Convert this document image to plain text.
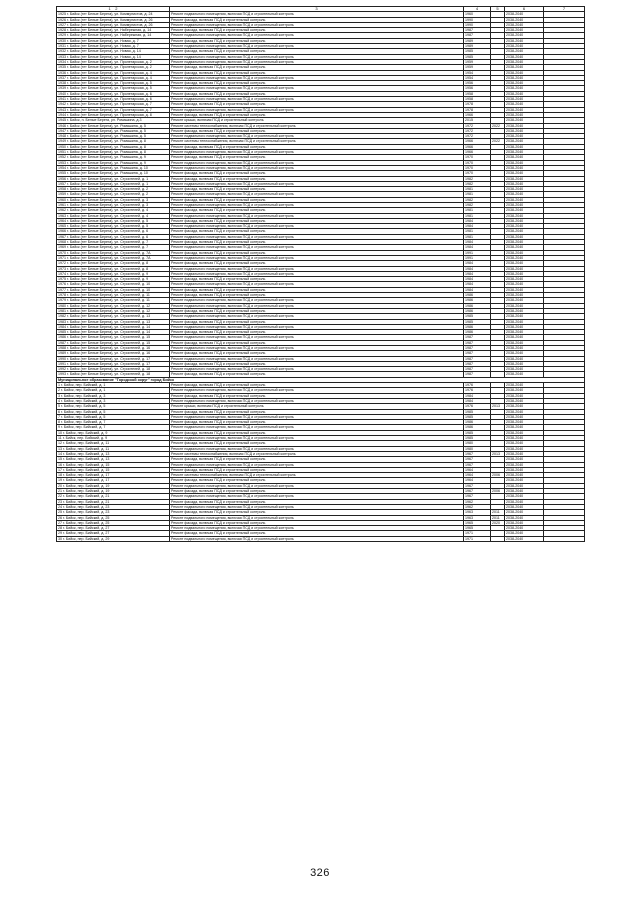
1 2	3	4	5	6	7
1925 г. Бийск (пгт Белые Берега), ул. Коммунистов, д. 24	Ремонт подвального помещения, включая ПСД и строительный контроль	1960		2038-2040	
1926 г. Бийск (пгт Белые Берега), ул. Коммунистов, д. 26	Ремонт фасада, включая ПСД и строительный контроль	1990		2038-2040	
1927 г. Бийск (пгт Белые Берега), ул. Коммунистов, д. 26	Ремонт подвального помещения, включая ПСД и строительный контроль	1990		2038-2040	
1928 г. Бийск (пгт Белые Берега), ул. Набережная, д. 14	Ремонт фасада, включая ПСД и строительный контроль	1987		2038-2040	
1929 г. Бийск (пгт Белые Берега), ул. Набережная, д. 14	Ремонт подвального помещения, включая ПСД и строительный контроль	1987		2038-2040	
1930 г. Бийск (пгт Белые Берега), ул. Новая, д. 7	Ремонт фасада, включая ПСД и строительный контроль	1989		2038-2040	
1931 г. Бийск (пгт Белые Берега), ул. Новая, д. 7	Ремонт подвального помещения, включая ПСД и строительный контроль	1989		2038-2040	
1932 г. Бийск (пгт Белые Берега), ул. Новая, д. 14	Ремонт фасада, включая ПСД и строительный контроль	1985		2038-2040	
1933 г. Бийск (пгт Белые Берега), ул. Новая, д. 14	Ремонт подвального помещения, включая ПСД и строительный контроль	1985		2038-2040	
1934 г. Бийск (пгт Белые Берега), ул. Пролетарская, д. 2	Ремонт подвального помещения, включая ПСД и строительный контроль	1959		2038-2040	
1935 г. Бийск (пгт Белые Берега), ул. Пролетарская, д. 2	Ремонт фасада, включая ПСД и строительный контроль	1959		2038-2040	
1936 г. Бийск (пгт Белые Берега), ул. Пролетарская, д. 4	Ремонт фасада, включая ПСД и строительный контроль	1954		2038-2040	
1937 г. Бийск (пгт Белые Берега), ул. Пролетарская, д. 4	Ремонт подвального помещения, включая ПСД и строительный контроль	1954		2038-2040	
1938 г. Бийск (пгт Белые Берега), ул. Пролетарская, д. 5	Ремонт фасада, включая ПСД и строительный контроль	1956		2038-2040	
1939 г. Бийск (пгт Белые Берега), ул. Пролетарская, д. 5	Ремонт подвального помещения, включая ПСД и строительный контроль	1956		2038-2040	
1940 г. Бийск (пгт Белые Берега), ул. Пролетарская, д. 6	Ремонт фасада, включая ПСД и строительный контроль	1958		2038-2040	
1941 г. Бийск (пгт Белые Берега), ул. Пролетарская, д. 6	Ремонт подвального помещения, включая ПСД и строительный контроль	1958		2038-2040	
1942 г. Бийск (пгт Белые Берега), ул. Пролетарская, д. 7	Ремонт фасада, включая ПСД и строительный контроль	1978		2038-2040	
1943 г. Бийск (пгт Белые Берега), ул. Пролетарская, д. 7	Ремонт подвального помещения, включая ПСД и строительный контроль	1978		2038-2040	
1944 г. Бийск (пгт Белые Берега), ул. Пролетарская, д. 8	Ремонт фасада, включая ПСД и строительный контроль	1966		2038-2040	
1945 г. Бийск, п. Белые Берега, ул. Ромашина, д.3	Ремонт крыши, включая ПСД и строительный контроль	2015		2038-2040	
1946 г. Бийск (пгт Белые Берега), ул. Ромашина, д. 5	Ремонт системы теплоснабжения, включая ПСД и строительный контроль	1972	2022	2038-2040	
1947 г. Бийск (пгт Белые Берега), ул. Ромашина, д. 5	Ремонт фасада, включая ПСД и строительный контроль	1972		2038-2040	
1948 г. Бийск (пгт Белые Берега), ул. Ромашина, д. 5	Ремонт подвального помещения, включая ПСД и строительный контроль	1972		2038-2040	
1949 г. Бийск (пгт Белые Берега), ул. Ромашина, д. 8	Ремонт системы теплоснабжения, включая ПСД и строительный контроль	1966	2022	2038-2040	
1950 г. Бийск (пгт Белые Берега), ул. Ромашина, д. 8	Ремонт фасада, включая ПСД и строительный контроль	1966		2038-2040	
1951 г. Бийск (пгт Белые Берега), ул. Ромашина, д. 8	Ремонт подвального помещения, включая ПСД и строительный контроль	1966		2038-2040	
1952 г. Бийск (пгт Белые Берега), ул. Ромашина, д. 9	Ремонт фасада, включая ПСД и строительный контроль	1970		2038-2040	
1953 г. Бийск (пгт Белые Берега), ул. Ромашина, д. 9	Ремонт подвального помещения, включая ПСД и строительный контроль	1970		2038-2040	
1954 г. Бийск (пгт Белые Берега), ул. Ромашина, д. 10	Ремонт подвального помещения, включая ПСД и строительный контроль	1970		2038-2040	
1955 г. Бийск (пгт Белые Берега), ул. Ромашина, д. 10	Ремонт фасада, включая ПСД и строительный контроль	1970		2038-2040	
1956 г. Бийск (пгт Белые Берега), ул. Строителей, д. 1	Ремонт фасада, включая ПСД и строительный контроль	1982		2038-2040	
1957 г. Бийск (пгт Белые Берега), ул. Строителей, д. 1	Ремонт подвального помещения, включая ПСД и строительный контроль	1982		2038-2040	
1958 г. Бийск (пгт Белые Берега), ул. Строителей, д. 2	Ремонт фасада, включая ПСД и строительный контроль	1981		2038-2040	
1959 г. Бийск (пгт Белые Берега), ул. Строителей, д. 2	Ремонт подвального помещения, включая ПСД и строительный контроль	1981		2038-2040	
1960 г. Бийск (пгт Белые Берега), ул. Строителей, д. 3	Ремонт фасада, включая ПСД и строительный контроль	1982		2038-2040	
1961 г. Бийск (пгт Белые Берега), ул. Строителей, д. 3	Ремонт подвального помещения, включая ПСД и строительный контроль	1982		2038-2040	
1962 г. Бийск (пгт Белые Берега), ул. Строителей, д. 4	Ремонт фасада, включая ПСД и строительный контроль	1981		2038-2040	
1963 г. Бийск (пгт Белые Берега), ул. Строителей, д. 4	Ремонт подвального помещения, включая ПСД и строительный контроль	1981		2038-2040	
1964 г. Бийск (пгт Белые Берега), ул. Строителей, д. 5	Ремонт фасада, включая ПСД и строительный контроль	1984		2038-2040	
1965 г. Бийск (пгт Белые Берега), ул. Строителей, д. 5	Ремонт подвального помещения, включая ПСД и строительный контроль	1984		2038-2040	
1966 г. Бийск (пгт Белые Берега), ул. Строителей, д. 6	Ремонт фасада, включая ПСД и строительный контроль	1981		2038-2040	
1967 г. Бийск (пгт Белые Берега), ул. Строителей, д. 6	Ремонт подвального помещения, включая ПСД и строительный контроль	1981		2038-2040	
1968 г. Бийск (пгт Белые Берега), ул. Строителей, д. 7	Ремонт фасада, включая ПСД и строительный контроль	1984		2038-2040	
1969 г. Бийск (пгт Белые Берега), ул. Строителей, д. 7	Ремонт подвального помещения, включая ПСД и строительный контроль	1984		2038-2040	
1970 г. Бийск (пгт Белые Берега), ул. Строителей, д. 7А	Ремонт фасада, включая ПСД и строительный контроль	1991		2038-2040	
1971 г. Бийск (пгт Белые Берега), ул. Строителей, д. 7А	Ремонт подвального помещения, включая ПСД и строительный контроль	1991		2038-2040	
1972 г. Бийск (пгт Белые Берега), ул. Строителей, д. 8	Ремонт фасада, включая ПСД и строительный контроль	1984		2038-2040	
1973 г. Бийск (пгт Белые Берега), ул. Строителей, д. 8	Ремонт подвального помещения, включая ПСД и строительный контроль	1984		2038-2040	
1974 г. Бийск (пгт Белые Берега), ул. Строителей, д. 9	Ремонт подвального помещения, включая ПСД и строительный контроль	1984		2038-2040	
1975 г. Бийск (пгт Белые Берега), ул. Строителей, д. 9	Ремонт фасада, включая ПСД и строительный контроль	1984		2038-2040	
1976 г. Бийск (пгт Белые Берега), ул. Строителей, д. 10	Ремонт подвального помещения, включая ПСД и строительный контроль	1984		2038-2040	
1977 г. Бийск (пгт Белые Берега), ул. Строителей, д. 10	Ремонт фасада, включая ПСД и строительный контроль	1984		2038-2040	
1978 г. Бийск (пгт Белые Берега), ул. Строителей, д. 11	Ремонт фасада, включая ПСД и строительный контроль	1986		2038-2040	
1979 г. Бийск (пгт Белые Берега), ул. Строителей, д. 11	Ремонт подвального помещения, включая ПСД и строительный контроль	1986		2038-2040	
1980 г. Бийск (пгт Белые Берега), ул. Строителей, д. 12	Ремонт подвального помещения, включая ПСД и строительный контроль	1986		2038-2040	
1981 г. Бийск (пгт Белые Берега), ул. Строителей, д. 12	Ремонт фасада, включая ПСД и строительный контроль	1986		2038-2040	
1982 г. Бийск (пгт Белые Берега), ул. Строителей, д. 13	Ремонт подвального помещения, включая ПСД и строительный контроль	1985		2038-2040	
1983 г. Бийск (пгт Белые Берега), ул. Строителей, д. 13	Ремонт фасада, включая ПСД и строительный контроль	1985		2038-2040	
1984 г. Бийск (пгт Белые Берега), ул. Строителей, д. 14	Ремонт подвального помещения, включая ПСД и строительный контроль	1986		2038-2040	
1985 г. Бийск (пгт Белые Берега), ул. Строителей, д. 14	Ремонт фасада, включая ПСД и строительный контроль	1986		2038-2040	
1986 г. Бийск (пгт Белые Берега), ул. Строителей, д. 15	Ремонт подвального помещения, включая ПСД и строительный контроль	1987		2038-2040	
1987 г. Бийск (пгт Белые Берега), ул. Строителей, д. 15	Ремонт фасада, включая ПСД и строительный контроль	1987		2038-2040	
1988 г. Бийск (пгт Белые Берега), ул. Строителей, д. 16	Ремонт подвального помещения, включая ПСД и строительный контроль	1987		2038-2040	
1989 г. Бийск (пгт Белые Берега), ул. Строителей, д. 16	Ремонт фасада, включая ПСД и строительный контроль	1987		2038-2040	
1990 г. Бийск (пгт Белые Берега), ул. Строителей, д. 17	Ремонт подвального помещения, включая ПСД и строительный контроль	1987		2038-2040	
1991 г. Бийск (пгт Белые Берега), ул. Строителей, д. 17	Ремонт фасада, включая ПСД и строительный контроль	1987		2038-2040	
1992 г. Бийск (пгт Белые Берега), ул. Строителей, д. 18	Ремонт подвального помещения, включая ПСД и строительный контроль	1987		2038-2040	
1993 г. Бийск (пгт Белые Берега), ул. Строителей, д. 18	Ремонт фасада, включая ПСД и строительный контроль	1987		2038-2040	
Муниципальное образование "Городской округ" город Бийск					
1 г. Бийск, пер. Бийский, д. 1	Ремонт фасада, включая ПСД и строительный контроль	1976		2038-2040	
2 г. Бийск, пер. Бийский, д. 1	Ремонт подвального помещения, включая ПСД и строительный контроль	1976		2038-2040	
3 г. Бийск, пер. Бийский, д. 3	Ремонт фасада, включая ПСД и строительный контроль	1984		2038-2040	
4 г. Бийск, пер. Бийский, д. 3	Ремонт подвального помещения, включая ПСД и строительный контроль	1984		2038-2040	
5 г. Бийск, пер. Бийский, д. 5	Ремонт крыши, включая ПСД и строительный контроль	1976	2013	2038-2040	
6 г. Бийск, пер. Бийский, д. 5	Ремонт фасада, включая ПСД и строительный контроль	1985		2038-2040	
7 г. Бийск, пер. Бийский, д. 5	Ремонт подвального помещения, включая ПСД и строительный контроль	1985		2038-2040	
8 г. Бийск, пер. Бийский, д. 7	Ремонт фасада, включая ПСД и строительный контроль	1986		2038-2040	
9 г. Бийск, пер. Бийский, д. 7	Ремонт подвального помещения, включая ПСД и строительный контроль	1986		2038-2040	
10 г. Бийск, пер. Бийский, д. 9	Ремонт фасада, включая ПСД и строительный контроль	1985		2038-2040	
11 г. Бийск, пер. Бийский, д. 9	Ремонт подвального помещения, включая ПСД и строительный контроль	1985		2038-2040	
12 г. Бийск, пер. Бийский, д. 11	Ремонт фасада, включая ПСД и строительный контроль	1980		2038-2040	
13 г. Бийск, пер. Бийский, д. 11	Ремонт подвального помещения, включая ПСД и строительный контроль	1980		2038-2040	
14 г. Бийск, пер. Бийский, д. 13	Ремонт системы теплоснабжения, включая ПСД и строительный контроль	1967	2013	2038-2040	
15 г. Бийск, пер. Бийский, д. 13	Ремонт фасада, включая ПСД и строительный контроль	1967		2038-2040	
16 г. Бийск, пер. Бийский, д. 15	Ремонт подвального помещения, включая ПСД и строительный контроль	1967		2038-2040	
17 г. Бийск, пер. Бийский, д. 15	Ремонт фасада, включая ПСД и строительный контроль	1964		2038-2040	
18 г. Бийск, пер. Бийский, д. 17	Ремонт системы теплоснабжения, включая ПСД и строительный контроль	1964	2006	2038-2040	
19 г. Бийск, пер. Бийский, д. 17	Ремонт фасада, включая ПСД и строительный контроль	1964		2038-2040	
20 г. Бийск, пер. Бийский, д. 19	Ремонт подвального помещения, включая ПСД и строительный контроль	1967		2038-2040	
21 г. Бийск, пер. Бийский, д. 19	Ремонт фасада, включая ПСД и строительный контроль	1967	2006	2038-2040	
22 г. Бийск, пер. Бийский, д. 21	Ремонт подвального помещения, включая ПСД и строительный контроль	1967		2038-2040	
23 г. Бийск, пер. Бийский, д. 21	Ремонт фасада, включая ПСД и строительный контроль	1962		2038-2040	
24 г. Бийск, пер. Бийский, д. 23	Ремонт подвального помещения, включая ПСД и строительный контроль	1962		2038-2040	
25 г. Бийск, пер. Бийский, д. 23	Ремонт фасада, включая ПСД и строительный контроль	1963	2011	2038-2040	
26 г. Бийск, пер. Бийский, д. 25	Ремонт подвального помещения, включая ПСД и строительный контроль	1963	2011	2038-2040	
27 г. Бийск, пер. Бийский, д. 25	Ремонт фасада, включая ПСД и строительный контроль	1965	2020	2038-2040	
28 г. Бийск, пер. Бийский, д. 27	Ремонт подвального помещения, включая ПСД и строительный контроль	1965		2038-2040	
29 г. Бийск, пер. Бийский, д. 27	Ремонт фасада, включая ПСД и строительный контроль	1971		2038-2040	
30 г. Бийск, пер. Бийский, д. 29	Ремонт подвального помещения, включая ПСД и строительный контроль	1971		2038-2040	
326
